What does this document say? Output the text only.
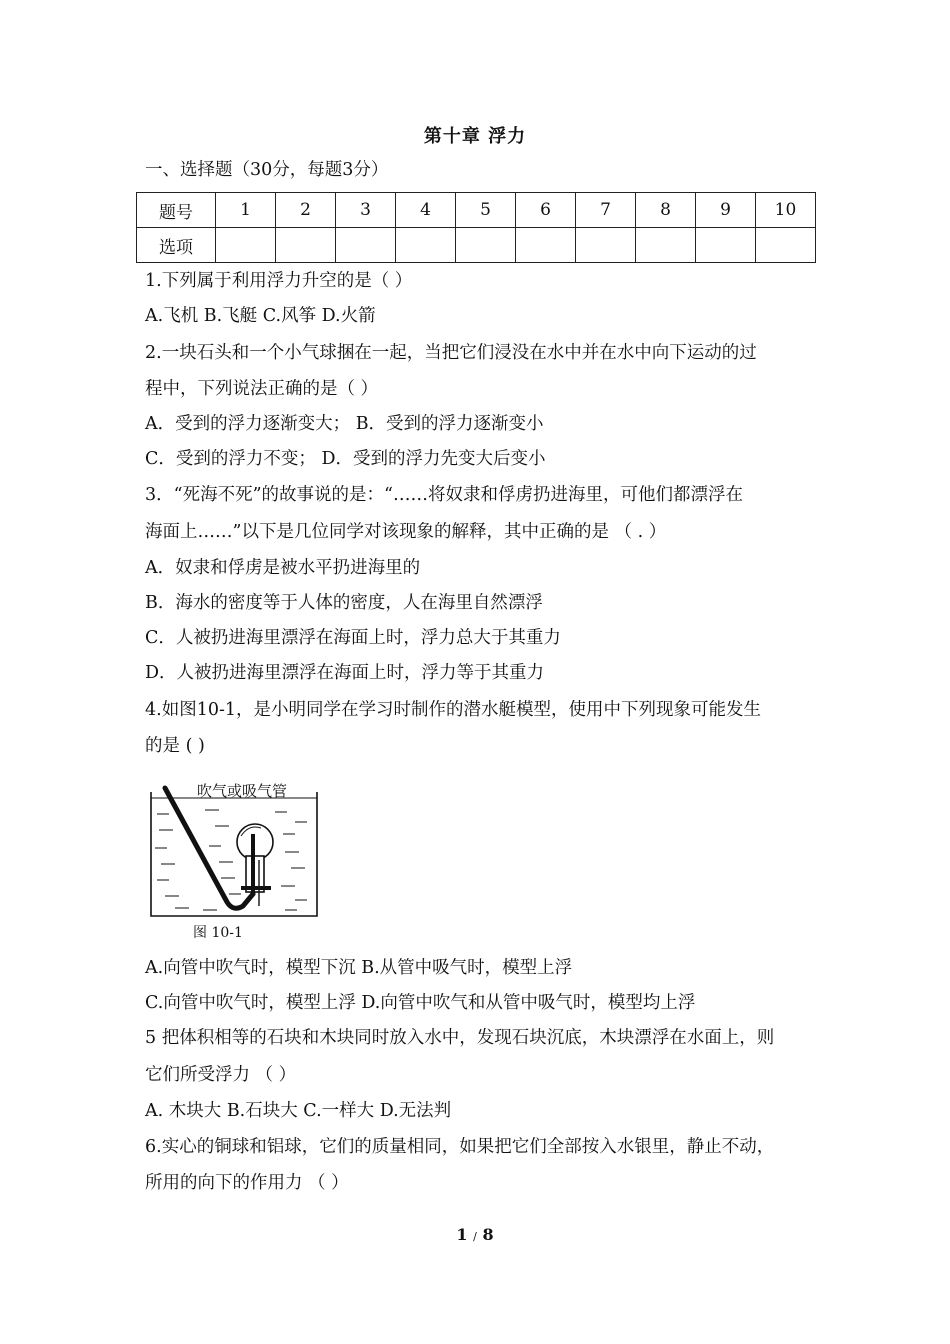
第十章 浮力
一、选择题（30分，每题3分）
题号	1	2	3	4	5	6	7	8	9	10
选项										
1.下列属于利用浮力升空的是（ ）
A.飞机 B.飞艇 C.风筝 D.火箭
2.一块石头和一个小气球捆在一起，当把它们浸没在水中并在水中向下运动的过
程中，下列说法正确的是（ ）
A．受到的浮力逐渐变大； B．受到的浮力逐渐变小
C．受到的浮力不变； D．受到的浮力先变大后变小
3．“死海不死”的故事说的是：“……将奴隶和俘虏扔进海里，可他们都漂浮在
海面上……”以下是几位同学对该现象的解释，其中正确的是 （ . ）
A．奴隶和俘虏是被水平扔进海里的
B．海水的密度等于人体的密度，人在海里自然漂浮
C．人被扔进海里漂浮在海面上时，浮力总大于其重力
D．人被扔进海里漂浮在海面上时，浮力等于其重力
4.如图10-1，是小明同学在学习时制作的潜水艇模型，使用中下列现象可能发生
的是 ( )
吹气或吸气管
图 10-1
A.向管中吹气时，模型下沉 B.从管中吸气时，模型上浮
C.向管中吹气时，模型上浮 D.向管中吹气和从管中吸气时，模型均上浮
5 把体积相等的石块和木块同时放入水中，发现石块沉底，木块漂浮在水面上，则
它们所受浮力 （ ）
A. 木块大 B.石块大 C.一样大 D.无法判
6.实心的铜球和铝球，它们的质量相同，如果把它们全部按入水银里，静止不动，
所用的向下的作用力 （ ）
1 / 8
